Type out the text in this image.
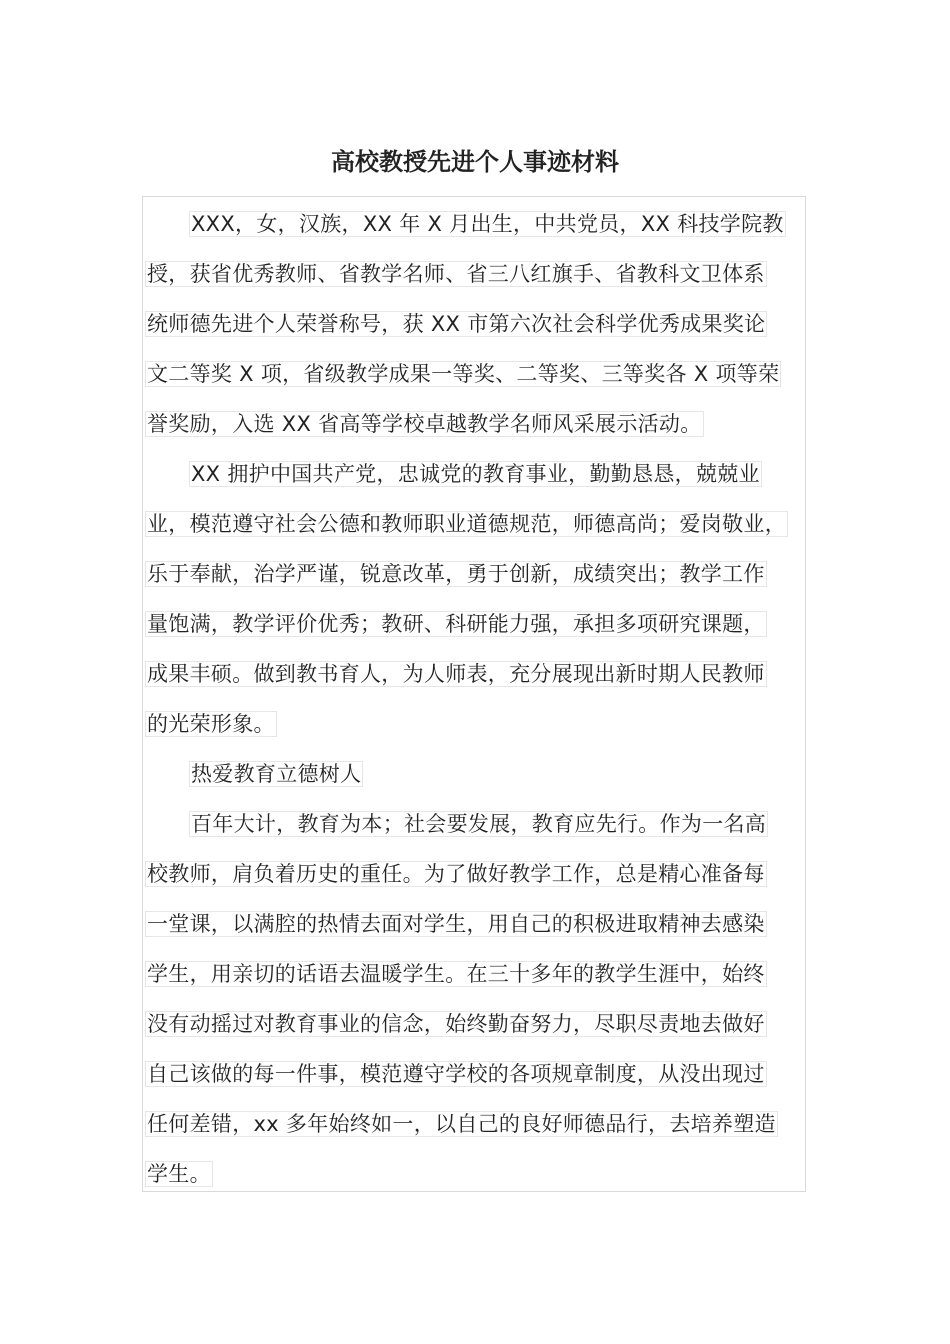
高校教授先进个人事迹材料
XXX，女，汉族，XX 年 X 月出生，中共党员，XX 科技学院教
授，获省优秀教师、省教学名师、省三八红旗手、省教科文卫体系
统师德先进个人荣誉称号，获 XX 市第六次社会科学优秀成果奖论
文二等奖 X 项，省级教学成果一等奖、二等奖、三等奖各 X 项等荣
誉奖励，入选 XX 省高等学校卓越教学名师风采展示活动。
XX 拥护中国共产党，忠诚党的教育事业，勤勤恳恳，兢兢业
业，模范遵守社会公德和教师职业道德规范，师德高尚；爱岗敬业，
乐于奉献，治学严谨，锐意改革，勇于创新，成绩突出；教学工作
量饱满，教学评价优秀；教研、科研能力强，承担多项研究课题，
成果丰硕。做到教书育人，为人师表，充分展现出新时期人民教师
的光荣形象。
热爱教育立德树人
百年大计，教育为本；社会要发展，教育应先行。作为一名高
校教师，肩负着历史的重任。为了做好教学工作，总是精心准备每
一堂课，以满腔的热情去面对学生，用自己的积极进取精神去感染
学生，用亲切的话语去温暖学生。在三十多年的教学生涯中，始终
没有动摇过对教育事业的信念，始终勤奋努力，尽职尽责地去做好
自己该做的每一件事，模范遵守学校的各项规章制度，从没出现过
任何差错，xx 多年始终如一，以自己的良好师德品行，去培养塑造
学生。
